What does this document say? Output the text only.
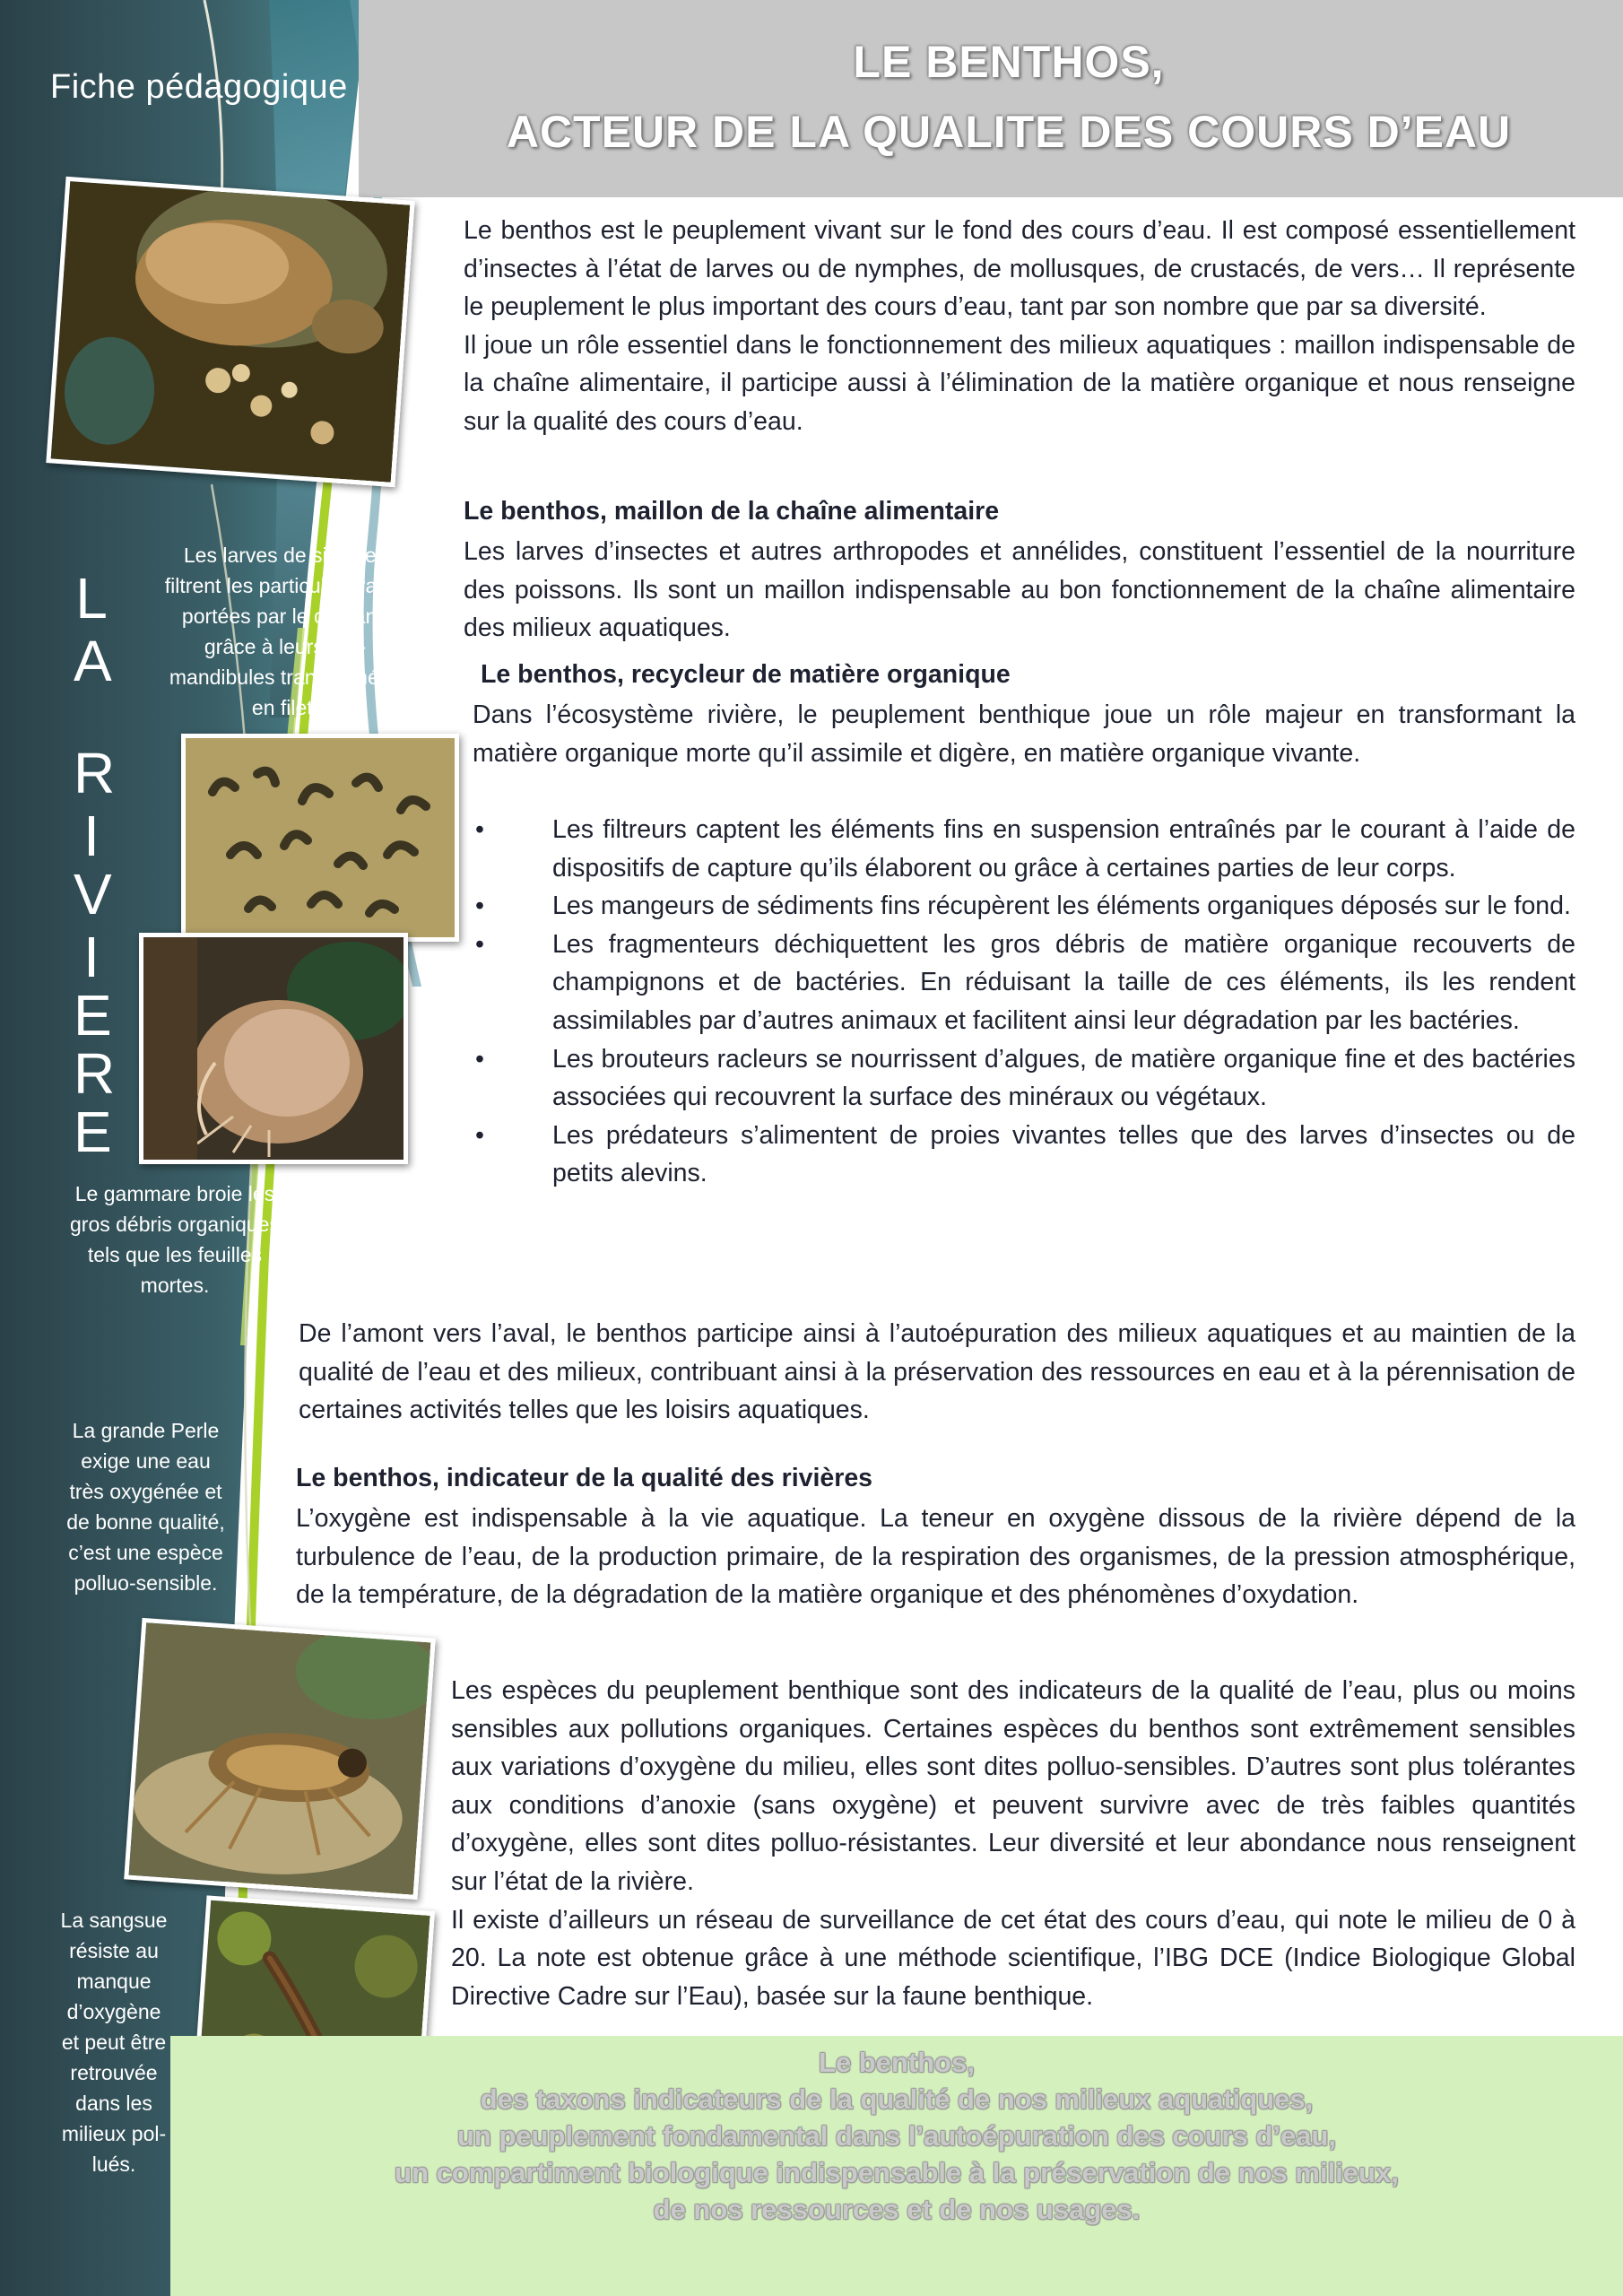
Fiche pédagogique	LE BENTHOS,
ACTEUR DE LA QUALITE DES COURS D’EAU
L
A
R
I
V
I
E
R
E
Les larves de simulies
filtrent les particules trans-
portées par le courant,
grâce à leurs pré-
mandibules transformées
en filet.
Le gammare broie les
gros débris organiques
tels que les feuilles
mortes.
La grande Perle
exige une eau
très oxygénée et
de bonne qualité,
c’est une espèce
polluo-sensible.
La sangsue
résiste au
manque
d’oxygène
et peut être
retrouvée
dans les
milieux pol-
lués.

Le benthos est le peuplement vivant sur le fond des cours d’eau. Il est composé essentiellement d’insectes à l’état de larves ou de nymphes, de mollusques, de crustacés, de vers… Il représente le peuplement le plus important des cours d’eau, tant par son nombre que par sa diversité.

Il joue un rôle essentiel dans le fonctionnement des milieux aquatiques : maillon indispensable de la chaîne alimentaire, il participe aussi à l’élimination de la matière organique et nous renseigne sur la qualité des cours d’eau.

Le benthos, maillon de la chaîne alimentaire
Les larves d’insectes et autres arthropodes et annélides, constituent l’essentiel de la nourriture des poissons. Ils sont un maillon indispensable au bon fonctionnement de la chaîne alimentaire des milieux aquatiques.
Le benthos, recycleur de matière organique
Dans l’écosystème rivière, le peuplement benthique joue un rôle majeur en transformant la matière organique morte qu’il assimile et digère, en matière organique vivante.
•	Les filtreurs captent les éléments fins en suspension entraînés par le courant à l’aide de dispositifs de capture qu’ils élaborent ou grâce à certaines parties de leur corps.
•	Les mangeurs de sédiments fins récupèrent les éléments organiques déposés sur le fond.
•	Les fragmenteurs déchiquettent les gros débris de matière organique recouverts de champignons et de bactéries. En réduisant la taille de ces éléments, ils les rendent assimilables par d’autres animaux et facilitent ainsi leur dégradation par les bactéries.
•	Les brouteurs racleurs se nourrissent d’algues, de matière organique fine et des bactéries associées qui recouvrent la surface des minéraux ou végétaux.
•	Les prédateurs s’alimentent de proies vivantes telles que des larves d’insectes ou de petits alevins.
De l’amont vers l’aval, le benthos participe ainsi à l’autoépuration des milieux aquatiques et au maintien de la qualité de l’eau et des milieux, contribuant ainsi à la préservation des ressources en eau et à la pérennisation de certaines activités telles que les loisirs aquatiques.
Le benthos, indicateur de la qualité des rivières
L’oxygène est indispensable à la vie aquatique. La teneur en oxygène dissous de la rivière dépend de la turbulence de l’eau, de la production primaire, de la respiration des organismes, de la pression atmosphérique, de la température, de la dégradation de la matière organique et des phénomènes d’oxydation.

Les espèces du peuplement benthique sont des indicateurs de la qualité de l’eau, plus ou moins sensibles aux pollutions organiques. Certaines espèces du benthos sont extrêmement sensibles aux variations d’oxygène du milieu, elles sont dites polluo-sensibles. D’autres sont plus tolérantes aux conditions d’anoxie (sans oxygène) et peuvent survivre avec de très faibles quantités d’oxygène, elles sont dites polluo-résistantes. Leur diversité et leur abondance nous renseignent sur l’état de la rivière.

Il existe d’ailleurs un réseau de surveillance de cet état des cours d’eau, qui note le milieu de 0 à 20. La note est obtenue grâce à une méthode scientifique, l’IBG DCE (Indice Biologique Global Directive Cadre sur l’Eau), basée sur la faune benthique.

Le benthos,
des taxons indicateurs de la qualité de nos milieux aquatiques,
un peuplement fondamental dans l’autoépuration des cours d’eau,
un compartiment biologique indispensable à la préservation de nos milieux,
de nos ressources et de nos usages.
